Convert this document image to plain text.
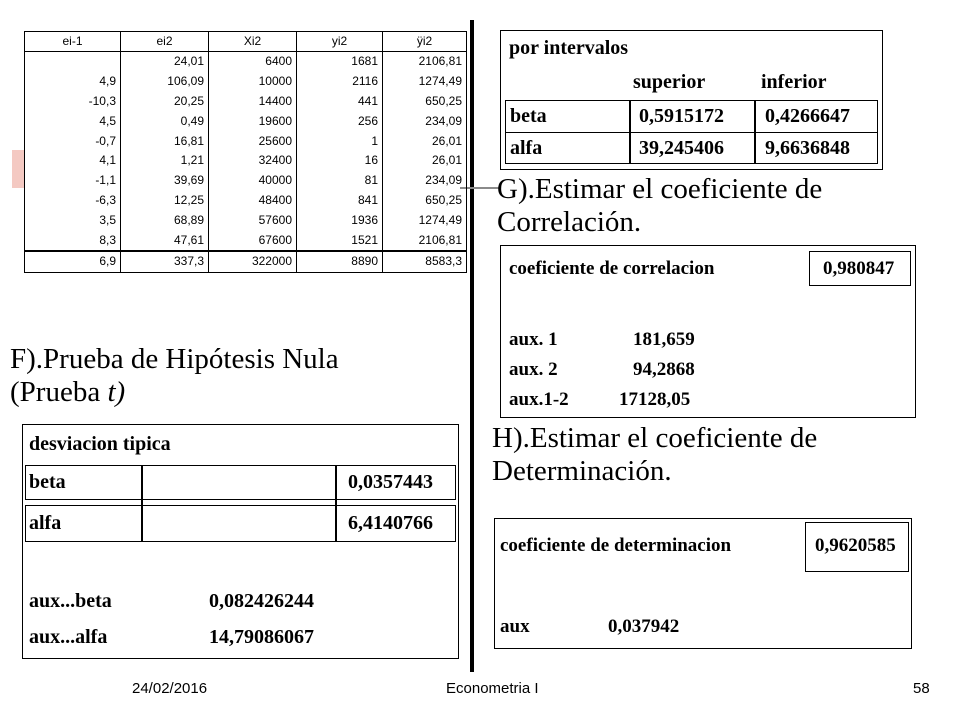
ei-1	ei2	Xi2	yi2	ÿi2
	24,01	6400	1681	2106,81
4,9	106,09	10000	2116	1274,49
-10,3	20,25	14400	441	650,25
4,5	0,49	19600	256	234,09
-0,7	16,81	25600	1	26,01
4,1	1,21	32400	16	26,01
-1,1	39,69	40000	81	234,09
-6,3	12,25	48400	841	650,25
3,5	68,89	57600	1936	1274,49
8,3	47,61	67600	1521	2106,81
6,9	337,3	322000	8890	8583,3
por intervalos
superior	inferior
beta	0,5915172 0,4266647
alfa	39,245406 9,6636848
G).Estimar el coeficiente de
Correlación.
coeficiente de correlacion	0,980847
aux. 1	181,659
aux. 2	94,2868
aux.1-2	17128,05
F).Prueba de Hipótesis Nula
(Prueba t)
desviacion tipica
beta	0,0357443
alfa	6,4140766
aux...beta	0,082426244
aux...alfa	14,79086067
H).Estimar el coeficiente de
Determinación.
coeficiente de determinacion	0,9620585
aux	0,037942
24/02/2016	Econometria I	58
